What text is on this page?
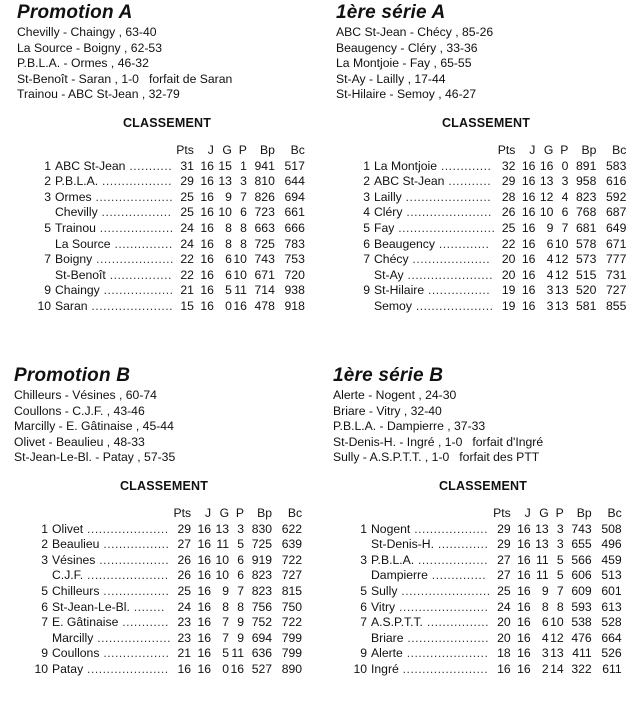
Promotion A
Chevilly - Chaingy , 63-40
La Source - Boigny , 62-53
P.B.L.A. - Ormes , 46-32
St-Benoît - Saran , 1-0 forfait de Saran
Trainou - ABC St-Jean , 32-79
CLASSEMENT
		Pts	J	G	P	Bp	Bc
1	ABC St-Jean ...........	31	16	15	1	941	517
2	P.B.L.A. ..................	29	16	13	3	810	644
3	Ormes ....................	25	16	9	7	826	694
	Chevilly ..................	25	16	10	6	723	661
5	Trainou ...................	24	16	8	8	663	666
	La Source ...............	24	16	8	8	725	783
7	Boigny ....................	22	16	6	10	743	753
	St-Benoît ................	22	16	6	10	671	720
9	Chaingy ..................	21	16	5	11	714	938
10	Saran .....................	15	16	0	16	478	918
1ère série A
ABC St-Jean - Chécy , 85-26
Beaugency - Cléry , 33-36
La Montjoie - Fay , 65-55
St-Ay - Lailly , 17-44
St-Hilaire - Semoy , 46-27
CLASSEMENT
		Pts	J	G	P	Bp	Bc
1	La Montjoie .............	32	16	16	0	891	583
2	ABC St-Jean ...........	29	16	13	3	958	616
3	Lailly ......................	28	16	12	4	823	592
4	Cléry ......................	26	16	10	6	768	687
5	Fay .........................	25	16	9	7	681	649
6	Beaugency .............	22	16	6	10	578	671
7	Chécy ....................	20	16	4	12	573	777
	St-Ay ......................	20	16	4	12	515	731
9	St-Hilaire ................	19	16	3	13	520	727
	Semoy ....................	19	16	3	13	581	855
Promotion B
Chilleurs - Vésines , 60-74
Coullons - C.J.F. , 43-46
Marcilly - E. Gâtinaise , 45-44
Olivet - Beaulieu , 48-33
St-Jean-Le-Bl. - Patay , 57-35
CLASSEMENT
		Pts	J	G	P	Bp	Bc
1	Olivet .....................	29	16	13	3	830	622
2	Beaulieu .................	27	16	11	5	725	639
3	Vésines ..................	26	16	10	6	919	722
	C.J.F. .....................	26	16	10	6	823	727
5	Chilleurs .................	25	16	9	7	823	815
6	St-Jean-Le-Bl. ........	24	16	8	8	756	750
7	E. Gâtinaise ............	23	16	7	9	752	722
	Marcilly ...................	23	16	7	9	694	799
9	Coullons .................	21	16	5	11	636	799
10	Patay .....................	16	16	0	16	527	890
1ère série B
Alerte - Nogent , 24-30
Briare - Vitry , 32-40
P.B.L.A. - Dampierre , 37-33
St-Denis-H. - Ingré , 1-0 forfait d'Ingré
Sully - A.S.P.T.T. , 1-0 forfait des PTT
CLASSEMENT
		Pts	J	G	P	Bp	Bc
1	Nogent ...................	29	16	13	3	743	508
	St-Denis-H. .............	29	16	13	3	655	496
3	P.B.L.A. ..................	27	16	11	5	566	459
	Dampierre ..............	27	16	11	5	606	513
5	Sully .......................	25	16	9	7	609	601
6	Vitry .......................	24	16	8	8	593	613
7	A.S.P.T.T. ................	20	16	6	10	538	528
	Briare .....................	20	16	4	12	476	664
9	Alerte .....................	18	16	3	13	411	526
10	Ingré ......................	16	16	2	14	322	611
